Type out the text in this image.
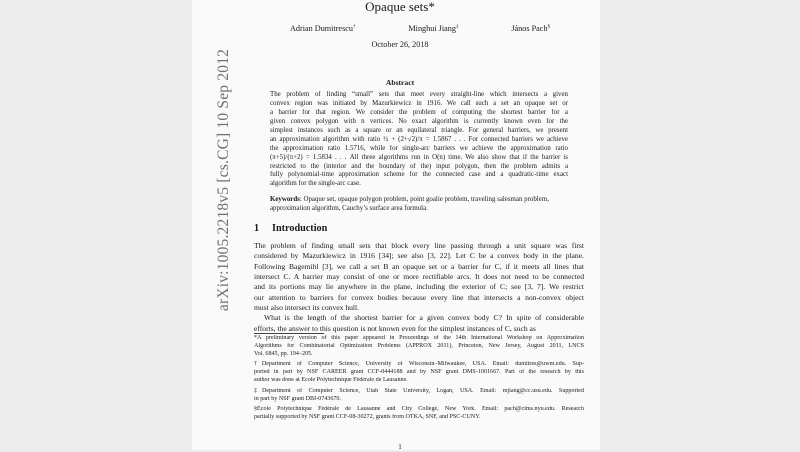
arXiv:1005.2218v5 [cs.CG] 10 Sep 2012
Opaque sets*
Adrian Dumitrescu†	Minghui Jiang‡	János Pach§
October 26, 2018
Abstract
The problem of finding “small” sets that meet every straight-line which intersects a given
convex region was initiated by Mazurkiewicz in 1916. We call such a set an opaque set or
a barrier for that region. We consider the problem of computing the shortest barrier for a
given convex polygon with n vertices. No exact algorithm is currently known even for the
simplest instances such as a square or an equilateral triangle. For general barriers, we present
an approximation algorithm with ratio ½ + (2+√2)/π = 1.5867 . . . For connected barriers we achieve
the approximation ratio 1.5716, while for single-arc barriers we achieve the approximation ratio
(π+5)/(π+2) = 1.5834 . . . All three algorithms run in O(n) time. We also show that if the barrier is
restricted to the (interior and the boundary of the) input polygon, then the problem admits a
fully polynomial-time approximation scheme for the connected case and a quadratic-time exact
algorithm for the single-arc case.
Keywords: Opaque set, opaque polygon problem, point goalie problem, traveling salesman problem, approximation algorithm, Cauchy’s surface area formula.
1 Introduction
The problem of finding small sets that block every line passing through a unit square was first
considered by Mazurkiewicz in 1916 [34]; see also [3, 22]. Let C be a convex body in the plane.
Following Bagemihl [3], we call a set B an opaque set or a barrier for C, if it meets all lines that
intersect C. A barrier may consist of one or more rectifiable arcs. It does not need to be connected
and its portions may lie anywhere in the plane, including the exterior of C; see [3, 7]. We restrict
our attention to barriers for convex bodies because every line that intersects a non-convex object
must also intersect its convex hull.
What is the length of the shortest barrier for a given convex body C? In spite of considerable
efforts, the answer to this question is not known even for the simplest instances of C, such as
*A preliminary version of this paper appeared in Proceedings of the 14th International Workshop on Approximation
Algorithms for Combinatorial Optimization Problems (APPROX 2011), Princeton, New Jersey, August 2011, LNCS
Vol. 6845, pp. 194–205.
†Department of Computer Science, University of Wisconsin–Milwaukee, USA. Email: dumitres@uwm.edu. Sup-
ported in part by NSF CAREER grant CCF-0444188 and by NSF grant DMS-1001667. Part of the research by this
author was done at Ecole Polytechnique Fédérale de Lausanne.
‡Department of Computer Science, Utah State University, Logan, USA. Email: mjiang@cc.usu.edu. Supported
in part by NSF grant DBI-0743670.
§Ecole Polytechnique Fédérale de Lausanne and City College, New York. Email: pach@cims.nyu.edu. Research
partially supported by NSF grant CCF-08-30272, grants from OTKA, SNF, and PSC-CUNY.
1
